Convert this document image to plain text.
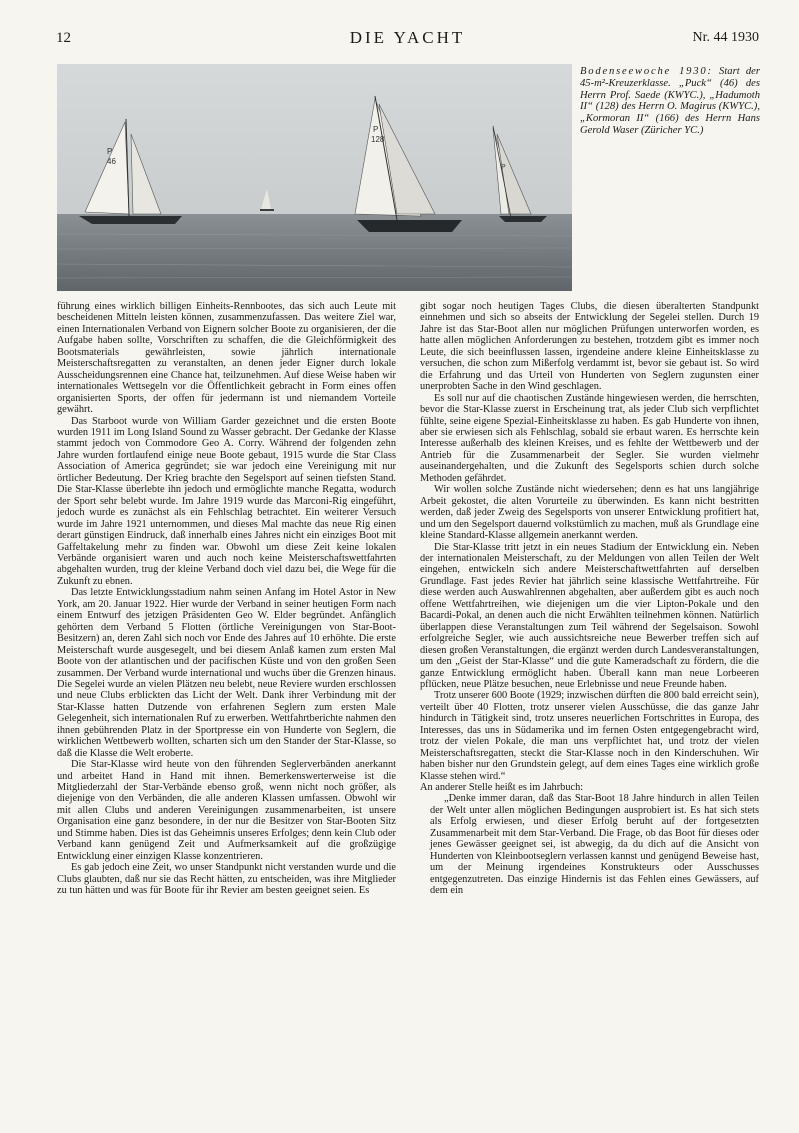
12	DIE YACHT	Nr. 44 1930
P
46
P
128
P
Bodenseewoche 1930: Start der 45-m²-Kreuzerklasse. „Puck“ (46) des Herrn Prof. Saede (KWYC.), „Hadumoth II“ (128) des Herrn O. Magirus (KWYC.), „Kormoran II“ (166) des Herrn Hans Gerold Waser (Züricher YC.)

führung eines wirklich billigen Einheits-Rennbootes, das sich auch Leute mit bescheidenen Mitteln leisten können, zusammenzufassen. Das weitere Ziel war, einen Internationalen Verband von Eignern solcher Boote zu organisieren, der die Aufgabe haben sollte, Vorschriften zu schaffen, die die Gleichförmigkeit des Bootsmaterials gewährleisten, sowie jährlich internationale Meisterschaftsregatten zu veranstalten, an denen jeder Eigner durch lokale Ausscheidungsrennen eine Chance hat, teilzunehmen. Auf diese Weise haben wir internationales Wettsegeln vor die Öffentlichkeit gebracht in Form eines offen organisierten Sports, der offen für jedermann ist und niemandem Vorteile gewährt.

Das Starboot wurde von William Garder gezeichnet und die ersten Boote wurden 1911 im Long Island Sound zu Wasser gebracht. Der Gedanke der Klasse stammt jedoch von Commodore Geo A. Corry. Während der folgenden zehn Jahre wurden fortlaufend einige neue Boote gebaut, 1915 wurde die Star Class Association of America gegründet; sie war jedoch eine Vereinigung mit nur örtlicher Bedeutung. Der Krieg brachte den Segelsport auf seinen tiefsten Stand. Die Star-Klasse überlebte ihn jedoch und ermöglichte manche Regatta, wodurch der Sport sehr belebt wurde. Im Jahre 1919 wurde das Marconi-Rig eingeführt, jedoch wurde es zunächst als ein Fehlschlag betrachtet. Ein weiterer Versuch wurde im Jahre 1921 unternommen, und dieses Mal machte das neue Rig einen derart günstigen Eindruck, daß innerhalb eines Jahres nicht ein einziges Boot mit Gaffeltakelung mehr zu finden war. Obwohl um diese Zeit keine lokalen Verbände organisiert waren und auch noch keine Meisterschaftswettfahrten abgehalten wurden, trug der kleine Verband doch viel dazu bei, die Wege für die Zukunft zu ebnen.

Das letzte Entwicklungsstadium nahm seinen Anfang im Hotel Astor in New York, am 20. Januar 1922. Hier wurde der Verband in seiner heutigen Form nach einem Entwurf des jetzigen Präsidenten Geo W. Elder begründet. Anfänglich gehörten dem Verband 5 Flotten (örtliche Vereinigungen von Star-Boot-Besitzern) an, deren Zahl sich noch vor Ende des Jahres auf 10 erhöhte. Die erste Meisterschaft wurde ausgesegelt, und bei diesem Anlaß kamen zum ersten Mal Boote von der atlantischen und der pacifischen Küste und von den großen Seen zusammen. Der Verband wurde international und wuchs über die Grenzen hinaus. Die Segelei wurde an vielen Plätzen neu belebt, neue Reviere wurden erschlossen und neue Clubs erblickten das Licht der Welt. Dank ihrer Verbindung mit der Star-Klasse hatten Dutzende von erfahrenen Seglern zum ersten Male Gelegenheit, sich internationalen Ruf zu erwerben. Wettfahrtberichte nahmen den ihnen gebührenden Platz in der Sportpresse ein von Hunderte von Seglern, die wirklichen Wettbewerb wollten, scharten sich um den Stander der Star-Klasse, so daß die Klasse die Welt eroberte.

Die Star-Klasse wird heute von den führenden Seglerverbänden anerkannt und arbeitet Hand in Hand mit ihnen. Bemerkenswerterweise ist die Mitgliederzahl der Star-Verbände ebenso groß, wenn nicht noch größer, als diejenige von den Verbänden, die alle anderen Klassen umfassen. Obwohl wir mit allen Clubs und anderen Vereinigungen zusammenarbeiten, ist unsere Organisation eine ganz besondere, in der nur die Besitzer von Star-Booten Sitz und Stimme haben. Dies ist das Geheimnis unseres Erfolges; denn kein Club oder Verband kann genügend Zeit und Aufmerksamkeit auf die großzügige Entwicklung einer einzigen Klasse konzentrieren.

Es gab jedoch eine Zeit, wo unser Standpunkt nicht verstanden wurde und die Clubs glaubten, daß nur sie das Recht hätten, zu entscheiden, was ihre Mitglieder zu tun hätten und was für Boote für ihr Revier am besten geeignet seien. Es

gibt sogar noch heutigen Tages Clubs, die diesen überalterten Standpunkt einnehmen und sich so abseits der Entwicklung der Segelei stellen. Durch 19 Jahre ist das Star-Boot allen nur möglichen Prüfungen unterworfen worden, es hatte allen möglichen Anforderungen zu bestehen, trotzdem gibt es immer noch Leute, die sich beeinflussen lassen, irgendeine andere kleine Einheitsklasse zu versuchen, die schon zum Mißerfolg verdammt ist, bevor sie gebaut ist. So wird die Erfahrung und das Urteil von Hunderten von Seglern zugunsten einer unerprobten Sache in den Wind geschlagen.

Es soll nur auf die chaotischen Zustände hingewiesen werden, die herrschten, bevor die Star-Klasse zuerst in Erscheinung trat, als jeder Club sich verpflichtet fühlte, seine eigene Spezial-Einheitsklasse zu haben. Es gab Hunderte von ihnen, aber sie erwiesen sich als Fehlschlag, sobald sie erbaut waren. Es herrschte kein Interesse außerhalb des kleinen Kreises, und es fehlte der Wettbewerb und der Antrieb für die Zusammenarbeit der Segler. Sie wurden vielmehr auseinandergehalten, und die Zukunft des Segelsports schien durch solche Methoden gefährdet.

Wir wollen solche Zustände nicht wiedersehen; denn es hat uns langjährige Arbeit gekostet, die alten Vorurteile zu überwinden. Es kann nicht bestritten werden, daß jeder Zweig des Segelsports von unserer Entwicklung profitiert hat, und um den Segelsport dauernd volkstümlich zu machen, muß als Grundlage eine kleine Standard-Klasse allgemein anerkannt werden.

Die Star-Klasse tritt jetzt in ein neues Stadium der Entwicklung ein. Neben der internationalen Meisterschaft, zu der Meldungen von allen Teilen der Welt eingehen, entwickeln sich andere Meisterschaftwettfahrten auf derselben Grundlage. Fast jedes Revier hat jährlich seine klassische Wettfahrtreihe. Für diese werden auch Auswahlrennen abgehalten, aber außerdem gibt es auch noch offene Wettfahrtreihen, wie diejenigen um die vier Lipton-Pokale und den Bacardi-Pokal, an denen auch die nicht Erwählten teilnehmen können. Natürlich überlappen diese Veranstaltungen zum Teil während der Segelsaison. Sowohl erfolgreiche Segler, wie auch aussichtsreiche neue Bewerber treffen sich auf diesen großen Veranstaltungen, die ergänzt werden durch Landesveranstaltungen, um den „Geist der Star-Klasse“ und die gute Kameradschaft zu fördern, die die ganze Entwicklung ermöglicht haben. Überall kann man neue Lorbeeren pflücken, neue Plätze besuchen, neue Erlebnisse und neue Freunde haben.

Trotz unserer 600 Boote (1929; inzwischen dürften die 800 bald erreicht sein), verteilt über 40 Flotten, trotz unserer vielen Ausschüsse, die das ganze Jahr hindurch in Tätigkeit sind, trotz unseres neuerlichen Fortschrittes in Europa, des Interesses, das uns in Südamerika und im fernen Osten entgegengebracht wird, trotz der vielen Pokale, die man uns verpflichtet hat, und trotz der vielen Meisterschaftsregatten, steckt die Star-Klasse noch in den Kinderschuhen. Wir haben bisher nur den Grundstein gelegt, auf dem eines Tages eine wirklich große Klasse stehen wird.“

An anderer Stelle heißt es im Jahrbuch:

„Denke immer daran, daß das Star-Boot 18 Jahre hindurch in allen Teilen der Welt unter allen möglichen Bedingungen ausprobiert ist. Es hat sich stets als Erfolg erwiesen, und dieser Erfolg beruht auf der fortgesetzten Zusammenarbeit mit dem Star-Verband. Die Frage, ob das Boot für dieses oder jenes Gewässer geeignet sei, ist abwegig, da du dich auf die Ansicht von Hunderten von Kleinbootseglern verlassen kannst und genügend Beweise hast, um der Meinung irgendeines Konstrukteurs oder Ausschusses entgegenzutreten. Das einzige Hindernis ist das Fehlen eines Gewässers, auf dem ein
